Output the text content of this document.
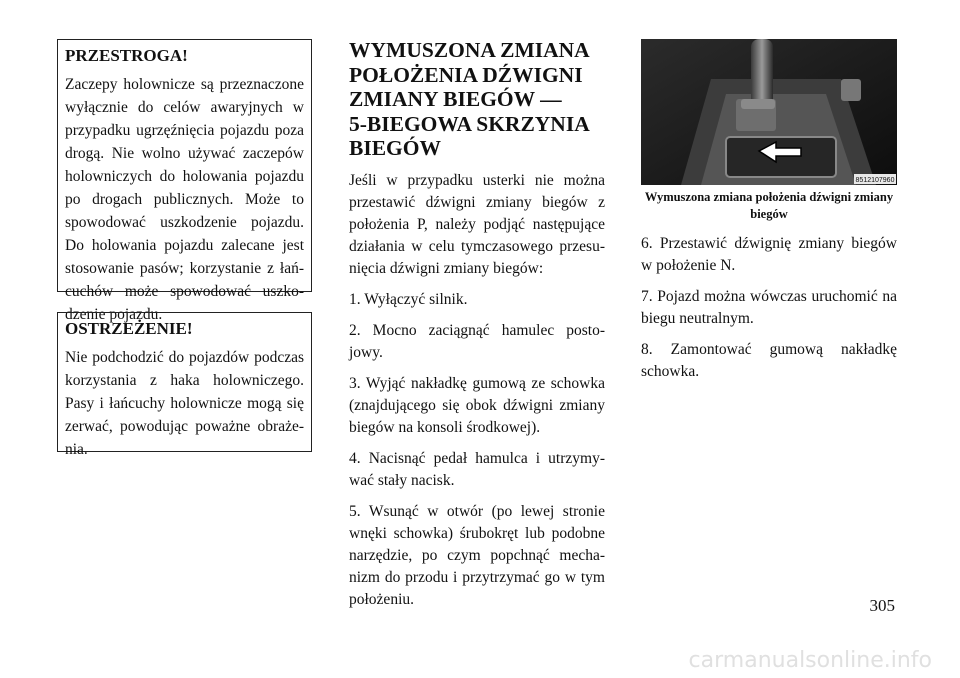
PRZESTROGA!
Zaczepy holownicze są przeznaczone wyłącznie do celów awaryjnych w przypadku ugrzęźnięcia pojazdu poza drogą. Nie wolno używać zaczepów holowniczych do holowania pojazdu po drogach publicznych. Może to spowodować uszkodzenie pojazdu. Do holowania pojazdu zalecane jest stosowanie pasów; korzystanie z łań-cuchów może spowodować uszko-dzenie pojazdu.
OSTRZEŻENIE!
Nie podchodzić do pojazdów podczas korzystania z haka holowniczego. Pasy i łańcuchy holownicze mogą się zerwać, powodując poważne obraże-nia.
WYMUSZONA ZMIANA
POŁOŻENIA DŹWIGNI
ZMIANY BIEGÓW —
5-BIEGOWA SKRZYNIA
BIEGÓW

Jeśli w przypadku usterki nie można przestawić dźwigni zmiany biegów z położenia P, należy podjąć następujące działania w celu tymczasowego przesu-nięcia dźwigni zmiany biegów:

1. Wyłączyć silnik.

2. Mocno zaciągnąć hamulec posto-jowy.

3. Wyjąć nakładkę gumową ze schowka (znajdującego się obok dźwigni zmiany biegów na konsoli środkowej).

4. Nacisnąć pedał hamulca i utrzymy-wać stały nacisk.

5. Wsunąć w otwór (po lewej stronie wnęki schowka) śrubokręt lub podobne narzędzie, po czym popchnąć mecha-nizm do przodu i przytrzymać go w tym położeniu.

8512107960
Wymuszona zmiana położenia dźwigni zmiany biegów

6. Przestawić dźwignię zmiany biegów w położenie N.

7. Pojazd można wówczas uruchomić na biegu neutralnym.

8. Zamontować gumową nakładkę schowka.

305
carmanualsonline.info
